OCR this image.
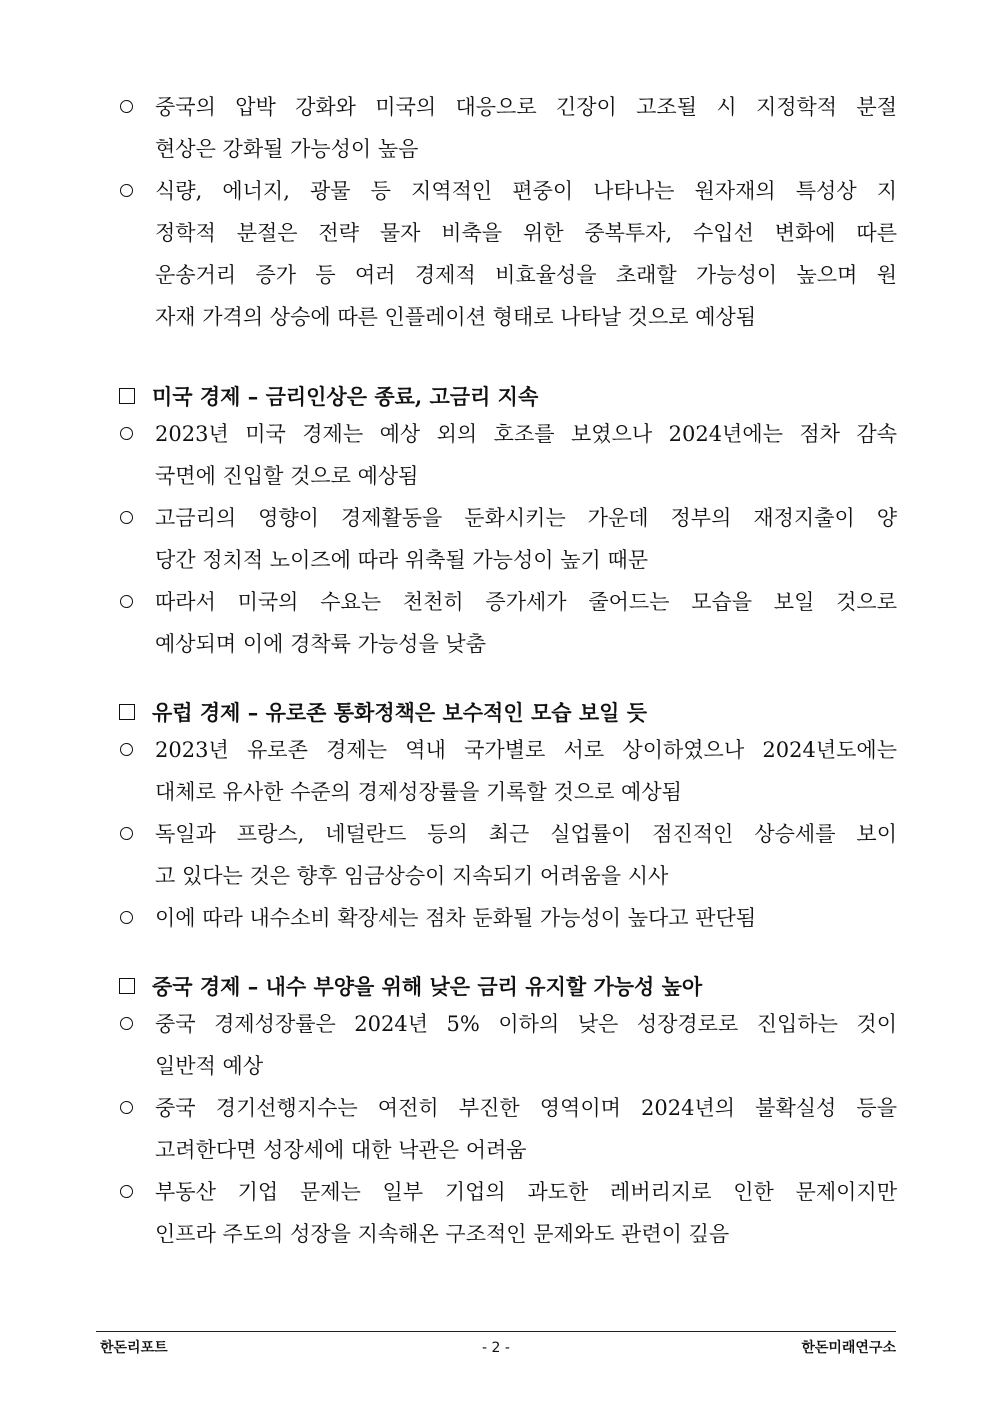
중국의 압박 강화와 미국의 대응으로 긴장이 고조될 시 지정학적 분절
현상은 강화될 가능성이 높음
식량, 에너지, 광물 등 지역적인 편중이 나타나는 원자재의 특성상 지
정학적 분절은 전략 물자 비축을 위한 중복투자, 수입선 변화에 따른
운송거리 증가 등 여러 경제적 비효율성을 초래할 가능성이 높으며 원
자재 가격의 상승에 따른 인플레이션 형태로 나타날 것으로 예상됨
미국 경제 – 금리인상은 종료, 고금리 지속
2023년 미국 경제는 예상 외의 호조를 보였으나 2024년에는 점차 감속
국면에 진입할 것으로 예상됨
고금리의 영향이 경제활동을 둔화시키는 가운데 정부의 재정지출이 양
당간 정치적 노이즈에 따라 위축될 가능성이 높기 때문
따라서 미국의 수요는 천천히 증가세가 줄어드는 모습을 보일 것으로
예상되며 이에 경착륙 가능성을 낮춤
유럽 경제 – 유로존 통화정책은 보수적인 모습 보일 듯
2023년 유로존 경제는 역내 국가별로 서로 상이하였으나 2024년도에는
대체로 유사한 수준의 경제성장률을 기록할 것으로 예상됨
독일과 프랑스, 네덜란드 등의 최근 실업률이 점진적인 상승세를 보이
고 있다는 것은 향후 임금상승이 지속되기 어려움을 시사
이에 따라 내수소비 확장세는 점차 둔화될 가능성이 높다고 판단됨
중국 경제 – 내수 부양을 위해 낮은 금리 유지할 가능성 높아
중국 경제성장률은 2024년 5% 이하의 낮은 성장경로로 진입하는 것이
일반적 예상
중국 경기선행지수는 여전히 부진한 영역이며 2024년의 불확실성 등을
고려한다면 성장세에 대한 낙관은 어려움
부동산 기업 문제는 일부 기업의 과도한 레버리지로 인한 문제이지만
인프라 주도의 성장을 지속해온 구조적인 문제와도 관련이 깊음
한돈리포트	- 2 -	한돈미래연구소
